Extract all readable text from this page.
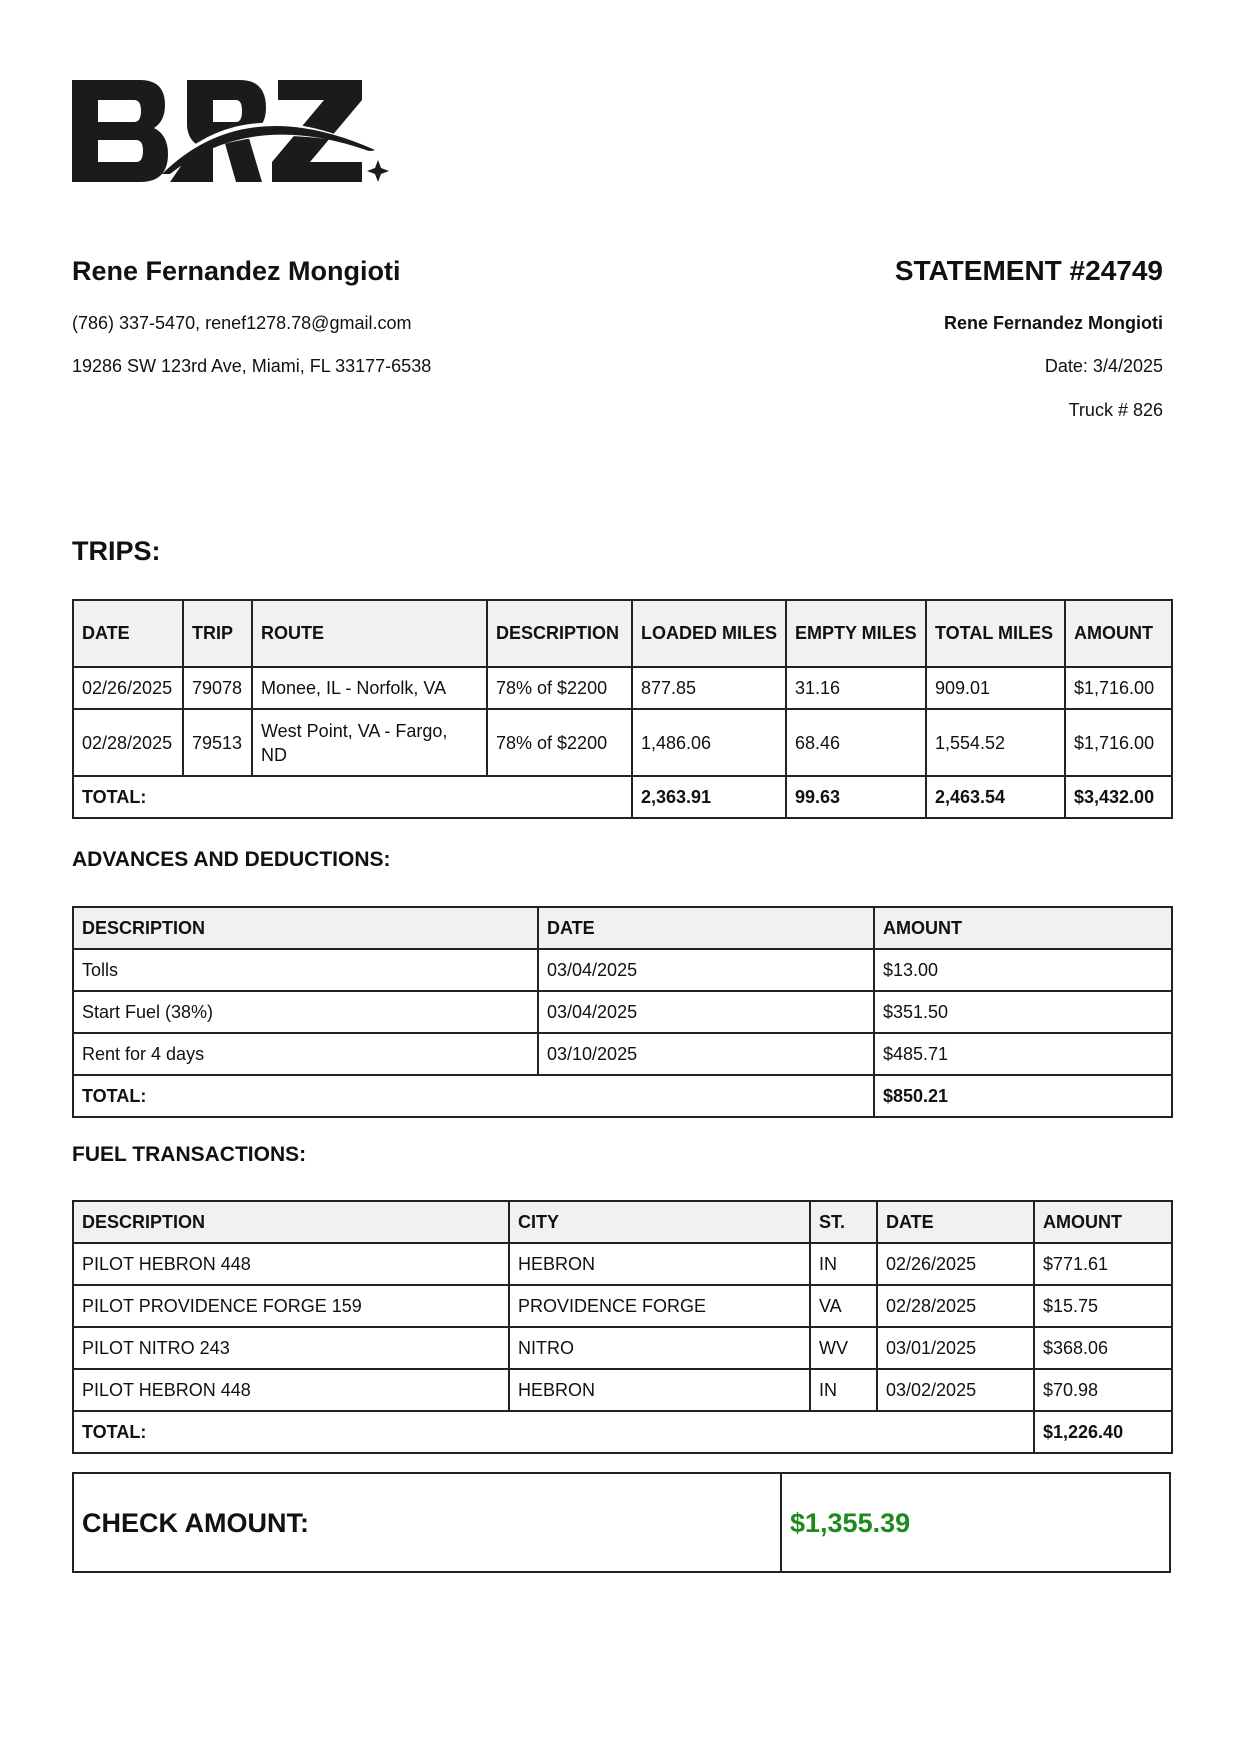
Rene Fernandez Mongioti

(786) 337-5470, renef1278.78@gmail.com

19286 SW 123rd Ave, Miami, FL 33177-6538

STATEMENT #24749

Rene Fernandez Mongioti
Date: 3/4/2025
Truck # 826

TRIPS:

DATE	TRIP	ROUTE	DESCRIPTION	LOADED MILES	EMPTY MILES	TOTAL MILES	AMOUNT
02/26/2025	79078	Monee, IL - Norfolk, VA	78% of $2200	877.85	31.16	909.01	$1,716.00
02/28/2025	79513	West Point, VA - Fargo, ND	78% of $2200	1,486.06	68.46	1,554.52	$1,716.00
TOTAL:				2,363.91	99.63	2,463.54	$3,432.00

ADVANCES AND DEDUCTIONS:

DESCRIPTION	DATE	AMOUNT
Tolls	03/04/2025	$13.00
Start Fuel (38%)	03/04/2025	$351.50
Rent for 4 days	03/10/2025	$485.71
TOTAL:		$850.21

FUEL TRANSACTIONS:

DESCRIPTION	CITY	ST.	DATE	AMOUNT
PILOT HEBRON 448	HEBRON	IN	02/26/2025	$771.61
PILOT PROVIDENCE FORGE 159	PROVIDENCE FORGE	VA	02/28/2025	$15.75
PILOT NITRO 243	NITRO	WV	03/01/2025	$368.06
PILOT HEBRON 448	HEBRON	IN	03/02/2025	$70.98
TOTAL:				$1,226.40
CHECK AMOUNT:	$1,355.39
